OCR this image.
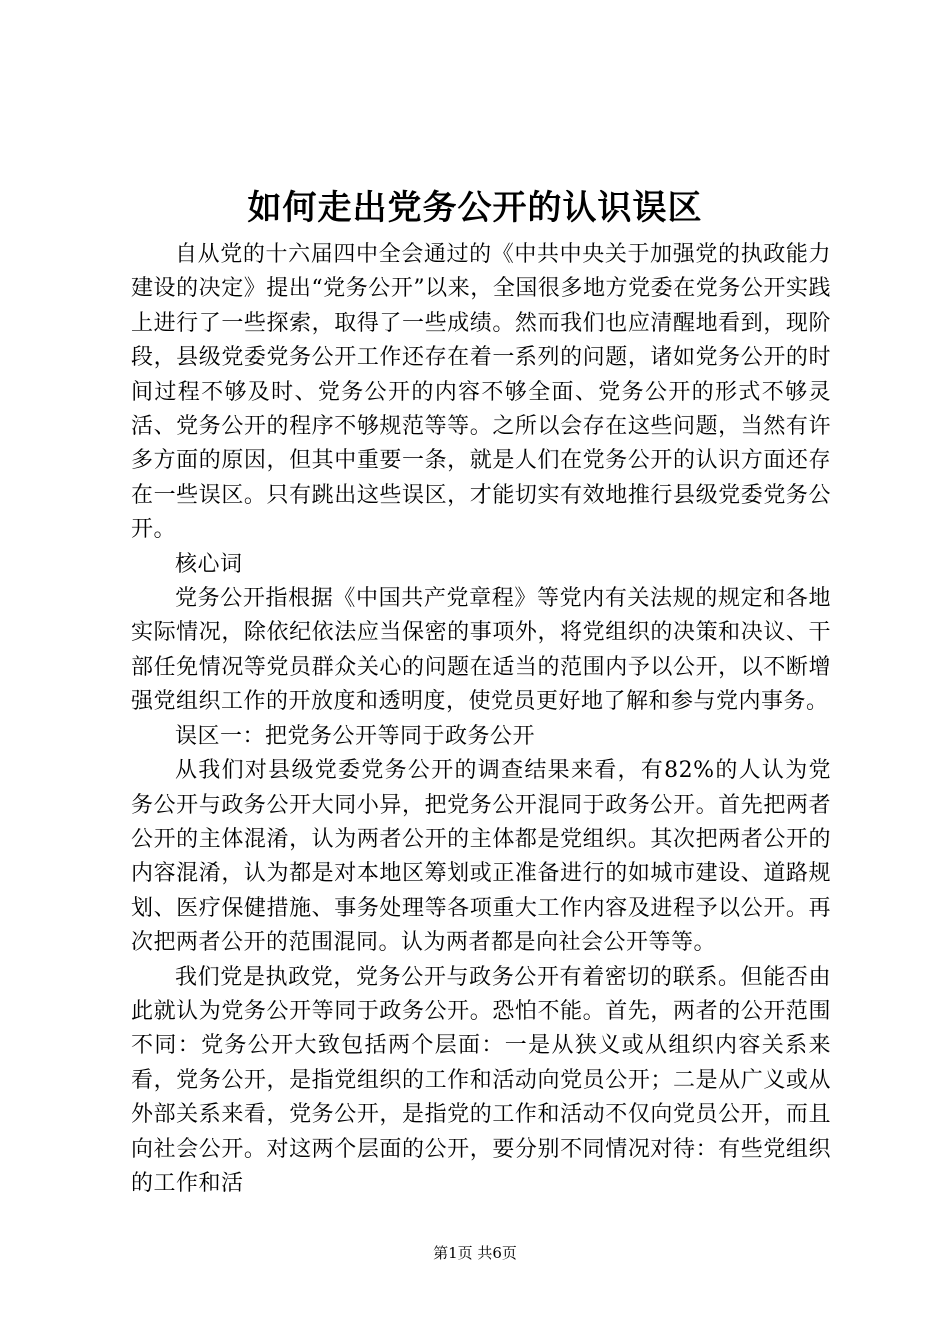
如何走出党务公开的认识误区

自从党的十六届四中全会通过的《中共中央关于加强党的执政能力建设的决定》提出“党务公开”以来，全国很多地方党委在党务公开实践上进行了一些探索，取得了一些成绩。然而我们也应清醒地看到，现阶段，县级党委党务公开工作还存在着一系列的问题，诸如党务公开的时间过程不够及时、党务公开的内容不够全面、党务公开的形式不够灵活、党务公开的程序不够规范等等。之所以会存在这些问题，当然有许多方面的原因，但其中重要一条，就是人们在党务公开的认识方面还存在一些误区。只有跳出这些误区，才能切实有效地推行县级党委党务公开。

核心词

党务公开指根据《中国共产党章程》等党内有关法规的规定和各地实际情况，除依纪依法应当保密的事项外，将党组织的决策和决议、干部任免情况等党员群众关心的问题在适当的范围内予以公开，以不断增强党组织工作的开放度和透明度，使党员更好地了解和参与党内事务。

误区一：把党务公开等同于政务公开

从我们对县级党委党务公开的调查结果来看，有82%的人认为党务公开与政务公开大同小异，把党务公开混同于政务公开。首先把两者公开的主体混淆，认为两者公开的主体都是党组织。其次把两者公开的内容混淆，认为都是对本地区筹划或正准备进行的如城市建设、道路规划、医疗保健措施、事务处理等各项重大工作内容及进程予以公开。再次把两者公开的范围混同。认为两者都是向社会公开等等。

我们党是执政党，党务公开与政务公开有着密切的联系。但能否由此就认为党务公开等同于政务公开。恐怕不能。首先，两者的公开范围不同：党务公开大致包括两个层面：一是从狭义或从组织内容关系来看，党务公开，是指党组织的工作和活动向党员公开；二是从广义或从外部关系来看，党务公开，是指党的工作和活动不仅向党员公开，而且向社会公开。对这两个层面的公开，要分别不同情况对待：有些党组织的工作和活

第1页 共6页
